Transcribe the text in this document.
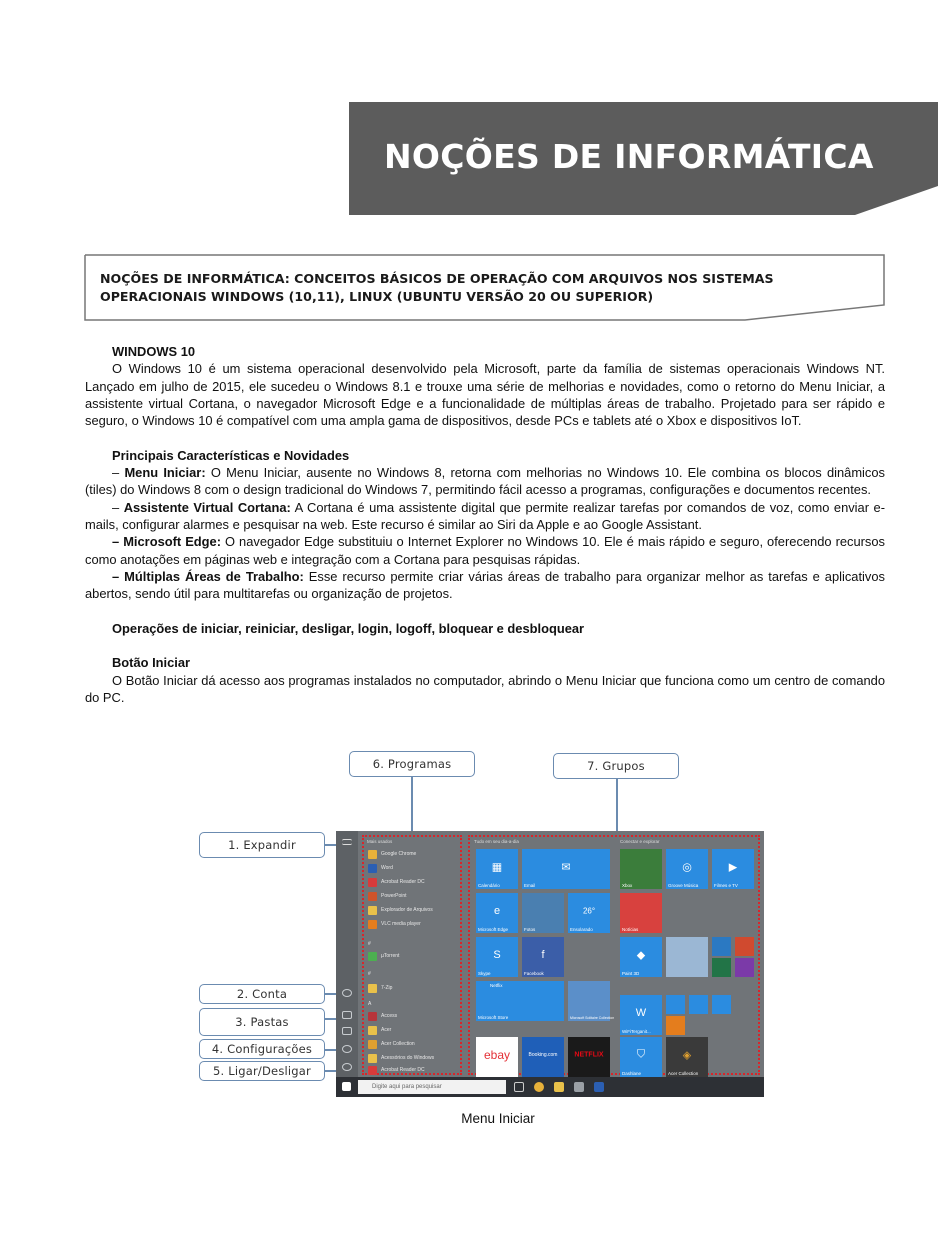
NOÇÕES DE INFORMÁTICA
NOÇÕES DE INFORMÁTICA: CONCEITOS BÁSICOS DE OPERAÇÃO COM ARQUIVOS NOS SISTEMAS OPERACIONAIS WINDOWS (10,11), LINUX (UBUNTU VERSÃO 20 OU SUPERIOR)
WINDOWS 10

O Windows 10 é um sistema operacional desenvolvido pela Microsoft, parte da família de sistemas operacionais Windows NT. Lançado em julho de 2015, ele sucedeu o Windows 8.1 e trouxe uma série de melhorias e novidades, como o retorno do Menu Iniciar, a assistente virtual Cortana, o navegador Microsoft Edge e a funcionalidade de múltiplas áreas de trabalho. Projetado para ser rápido e seguro, o Windows 10 é compatível com uma ampla gama de dispositivos, desde PCs e tablets até o Xbox e dispositivos IoT.

Principais Características e Novidades

– Menu Iniciar: O Menu Iniciar, ausente no Windows 8, retorna com melhorias no Windows 10. Ele combina os blocos dinâmicos (tiles) do Windows 8 com o design tradicional do Windows 7, permitindo fácil acesso a programas, configurações e documentos recentes.

– Assistente Virtual Cortana: A Cortana é uma assistente digital que permite realizar tarefas por comandos de voz, como enviar e-mails, configurar alarmes e pesquisar na web. Este recurso é similar ao Siri da Apple e ao Google Assistant.

– Microsoft Edge: O navegador Edge substituiu o Internet Explorer no Windows 10. Ele é mais rápido e seguro, oferecendo recursos como anotações em páginas web e integração com a Cortana para pesquisas rápidas.

– Múltiplas Áreas de Trabalho: Esse recurso permite criar várias áreas de trabalho para organizar melhor as tarefas e aplicativos abertos, sendo útil para multitarefas ou organização de projetos.

Operações de iniciar, reiniciar, desligar, login, logoff, bloquear e desbloquear
Botão Iniciar

O Botão Iniciar dá acesso aos programas instalados no computador, abrindo o Menu Iniciar que funciona como um centro de comando do PC.

6. Programas	7. Grupos
1. Expandir
2. Conta
3. Pastas
4. Configurações
5. Ligar/Desligar
Mais usados
Google Chrome
Word
Acrobat Reader DC
PowerPoint
Explorador de Arquivos
VLC media player
#
µTorrent
#
7-Zip
A
Access
Acer
Acer Collection
Acessórios do Windows
Acrobat Reader DC
Tudo em seu dia-a-dia	Conectar e explorar
▦
Calendário
✉
Email
e
Microsoft Edge	Fotos
26°
Ensolarado
S
Skype
f
Facebook
Netflix
Microsoft Store	Microsoft Solitaire Collection
ebay	Booking.com NETFLIX
Xbox
◎
Groove Música
▶
Filmes e TV
Notícias
◆
Paint 3D
W
WiFiTerganit...
⛉
Dashlane
◈
Acer Collection
Digite aqui para pesquisar
Menu Iniciar
